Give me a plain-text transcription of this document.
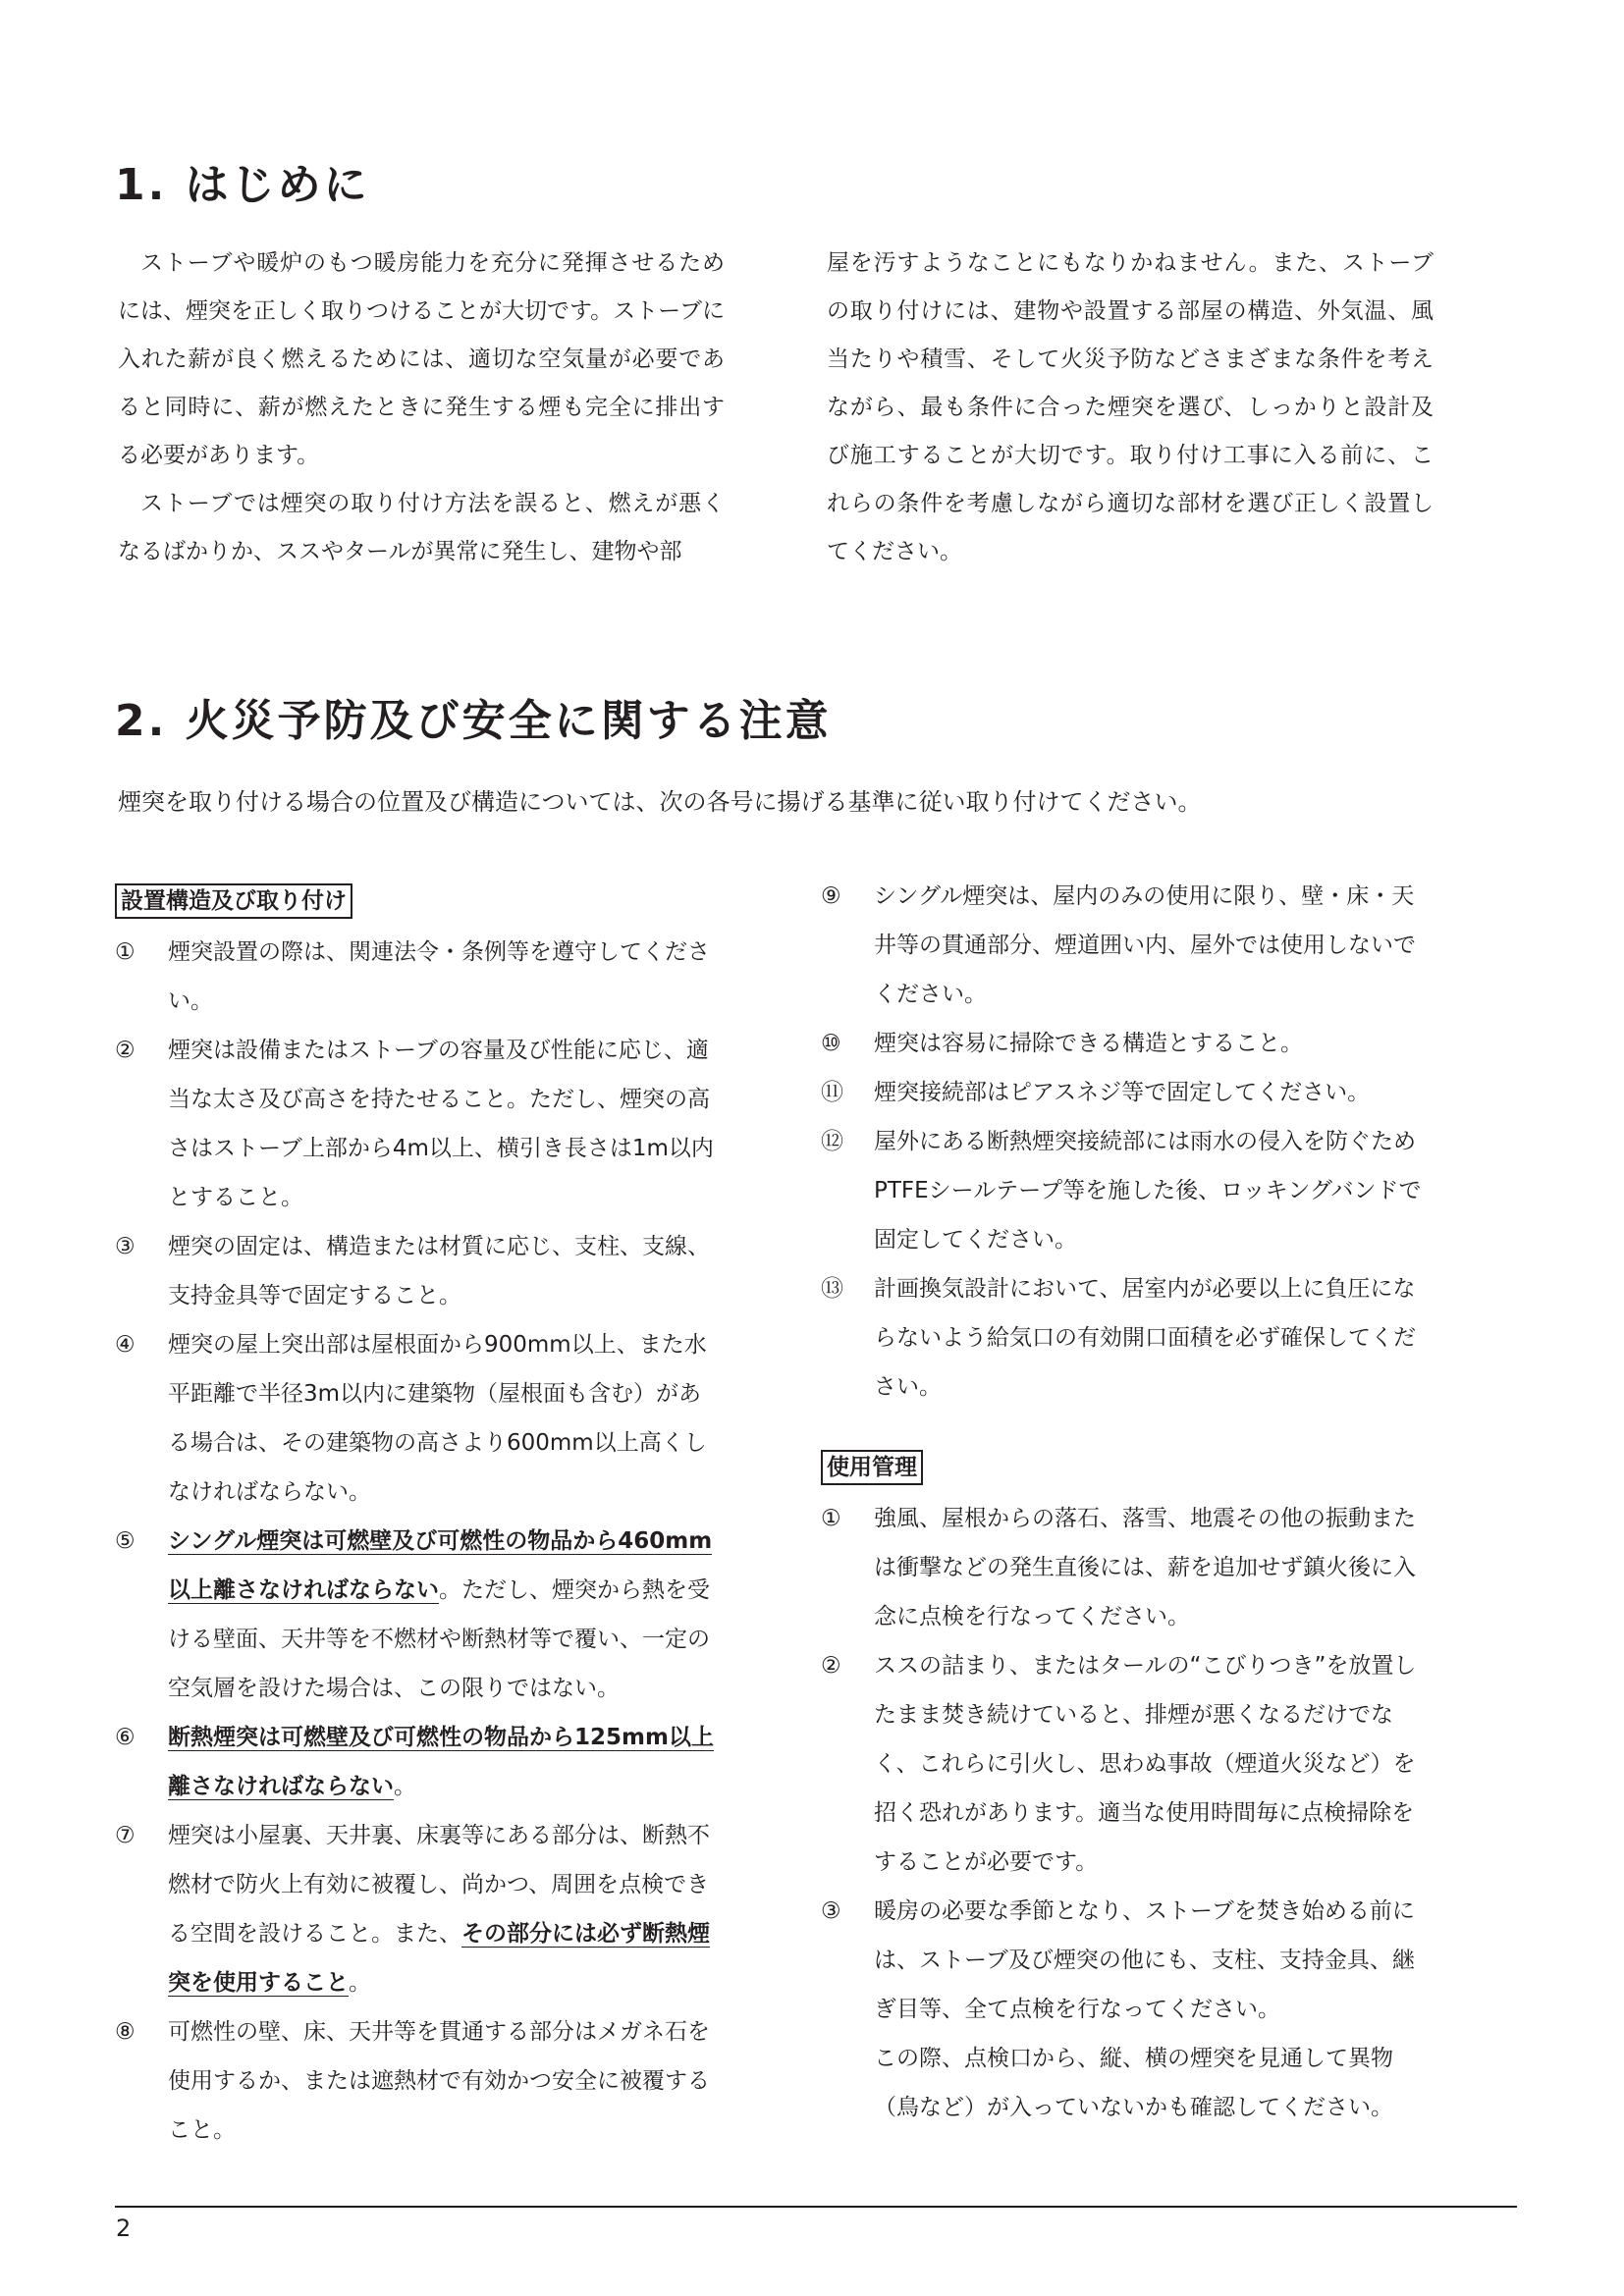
1. はじめに

ストーブや暖炉のもつ暖房能力を充分に発揮させるためには、煙突を正しく取りつけることが大切です。ストーブに入れた薪が良く燃えるためには、適切な空気量が必要であると同時に、薪が燃えたときに発生する煙も完全に排出する必要があります。

ストーブでは煙突の取り付け方法を誤ると、燃えが悪くなるばかりか、ススやタールが異常に発生し、建物や部

屋を汚すようなことにもなりかねません。また、ストーブの取り付けには、建物や設置する部屋の構造、外気温、風当たりや積雪、そして火災予防などさまざまな条件を考えながら、最も条件に合った煙突を選び、しっかりと設計及び施工することが大切です。取り付け工事に入る前に、これらの条件を考慮しながら適切な部材を選び正しく設置してください。

2. 火災予防及び安全に関する注意
煙突を取り付ける場合の位置及び構造については、次の各号に揚げる基準に従い取り付けてください。
設置構造及び取り付け
①	煙突設置の際は、関連法令・条例等を遵守してください。
②	煙突は設備またはストーブの容量及び性能に応じ、適当な太さ及び高さを持たせること。ただし、煙突の高さはストーブ上部から4m以上、横引き長さは1m以内とすること。
③	煙突の固定は、構造または材質に応じ、支柱、支線、支持金具等で固定すること。
④	煙突の屋上突出部は屋根面から900mm以上、また水平距離で半径3m以内に建築物（屋根面も含む）がある場合は、その建築物の高さより600mm以上高くしなければならない。
⑤	シングル煙突は可燃壁及び可燃性の物品から460mm以上離さなければならない。ただし、煙突から熱を受ける壁面、天井等を不燃材や断熱材等で覆い、一定の空気層を設けた場合は、この限りではない。
⑥	断熱煙突は可燃壁及び可燃性の物品から125mm以上離さなければならない。
⑦	煙突は小屋裏、天井裏、床裏等にある部分は、断熱不燃材で防火上有効に被覆し、尚かつ、周囲を点検できる空間を設けること。また、その部分には必ず断熱煙突を使用すること。
⑧	可燃性の壁、床、天井等を貫通する部分はメガネ石を使用するか、または遮熱材で有効かつ安全に被覆すること。
⑨	シングル煙突は、屋内のみの使用に限り、壁・床・天井等の貫通部分、煙道囲い内、屋外では使用しないでください。
⑩	煙突は容易に掃除できる構造とすること。
⑪	煙突接続部はピアスネジ等で固定してください。
⑫	屋外にある断熱煙突接続部には雨水の侵入を防ぐためPTFEシールテープ等を施した後、ロッキングバンドで固定してください。
⑬	計画換気設計において、居室内が必要以上に負圧にならないよう給気口の有効開口面積を必ず確保してください。
使用管理
①	強風、屋根からの落石、落雪、地震その他の振動または衝撃などの発生直後には、薪を追加せず鎮火後に入念に点検を行なってください。
②	ススの詰まり、またはタールの“こびりつき”を放置したまま焚き続けていると、排煙が悪くなるだけでなく、これらに引火し、思わぬ事故（煙道火災など）を招く恐れがあります。適当な使用時間毎に点検掃除をすることが必要です。
③	暖房の必要な季節となり、ストーブを焚き始める前には、ストーブ及び煙突の他にも、支柱、支持金具、継ぎ目等、全て点検を行なってください。
この際、点検口から、縦、横の煙突を見通して異物（鳥など）が入っていないかも確認してください。
2
